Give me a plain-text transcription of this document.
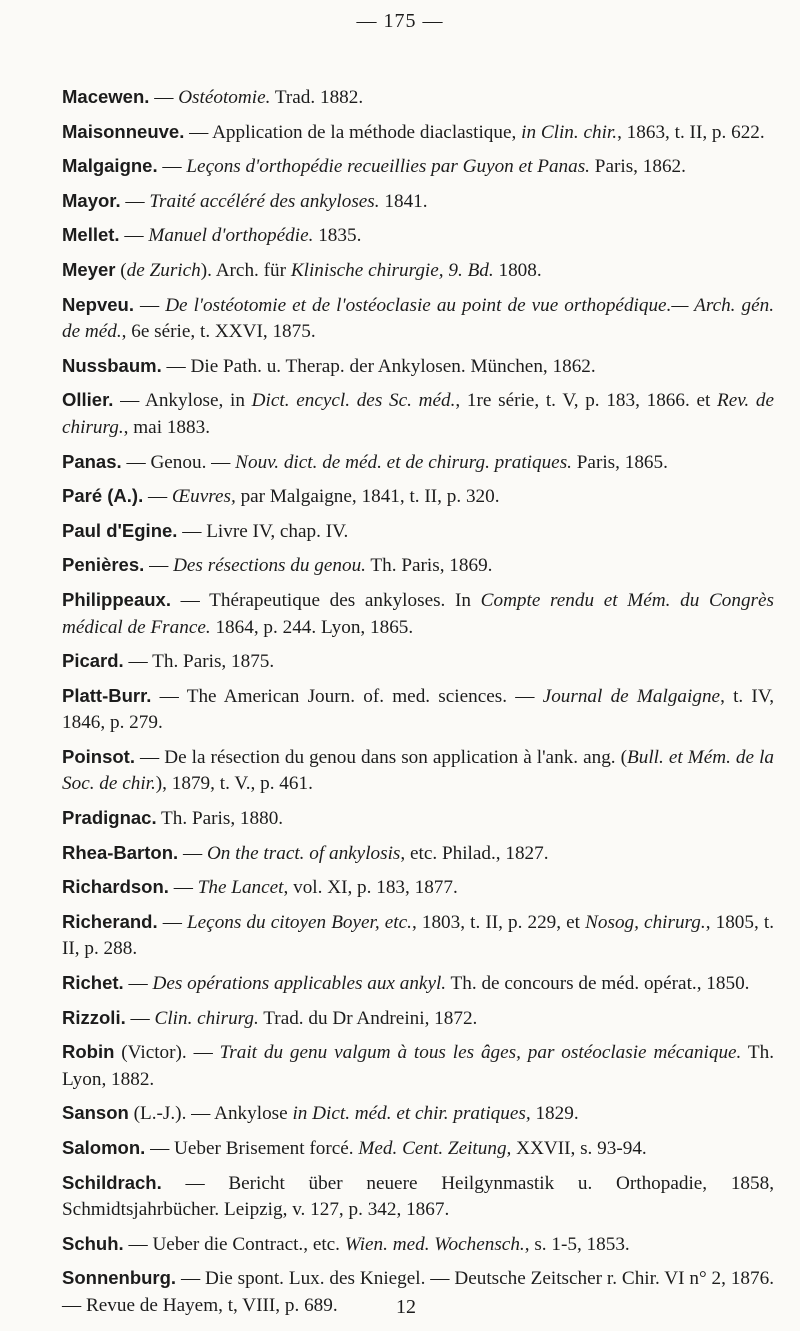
— 175 —

Macewen. — Ostéotomie. Trad. 1882.

Maisonneuve. — Application de la méthode diaclastique, in Clin. chir., 1863, t. II, p. 622.

Malgaigne. — Leçons d'orthopédie recueillies par Guyon et Panas. Paris, 1862.

Mayor. — Traité accéléré des ankyloses. 1841.

Mellet. — Manuel d'orthopédie. 1835.

Meyer (de Zurich). Arch. für Klinische chirurgie, 9. Bd. 1808.

Nepveu. — De l'ostéotomie et de l'ostéoclasie au point de vue orthopédique.— Arch. gén. de méd., 6e série, t. XXVI, 1875.

Nussbaum. — Die Path. u. Therap. der Ankylosen. München, 1862.

Ollier. — Ankylose, in Dict. encycl. des Sc. méd., 1re série, t. V, p. 183, 1866. et Rev. de chirurg., mai 1883.

Panas. — Genou. — Nouv. dict. de méd. et de chirurg. pratiques. Paris, 1865.

Paré (A.). — Œuvres, par Malgaigne, 1841, t. II, p. 320.

Paul d'Egine. — Livre IV, chap. IV.

Penières. — Des résections du genou. Th. Paris, 1869.

Philippeaux. — Thérapeutique des ankyloses. In Compte rendu et Mém. du Congrès médical de France. 1864, p. 244. Lyon, 1865.

Picard. — Th. Paris, 1875.

Platt-Burr. — The American Journ. of. med. sciences. — Journal de Malgaigne, t. IV, 1846, p. 279.

Poinsot. — De la résection du genou dans son application à l'ank. ang. (Bull. et Mém. de la Soc. de chir.), 1879, t. V., p. 461.

Pradignac. Th. Paris, 1880.

Rhea-Barton. — On the tract. of ankylosis, etc. Philad., 1827.

Richardson. — The Lancet, vol. XI, p. 183, 1877.

Richerand. — Leçons du citoyen Boyer, etc., 1803, t. II, p. 229, et Nosog, chirurg., 1805, t. II, p. 288.

Richet. — Des opérations applicables aux ankyl. Th. de concours de méd. opérat., 1850.

Rizzoli. — Clin. chirurg. Trad. du Dr Andreini, 1872.

Robin (Victor). — Trait du genu valgum à tous les âges, par ostéoclasie mécanique. Th. Lyon, 1882.

Sanson (L.-J.). — Ankylose in Dict. méd. et chir. pratiques, 1829.

Salomon. — Ueber Brisement forcé. Med. Cent. Zeitung, XXVII, s. 93-94.

Schildrach. — Bericht über neuere Heilgynmastik u. Orthopadie, 1858, Schmidtsjahrbücher. Leipzig, v. 127, p. 342, 1867.

Schuh. — Ueber die Contract., etc. Wien. med. Wochensch., s. 1-5, 1853.

Sonnenburg. — Die spont. Lux. des Kniegel. — Deutsche Zeitscher r. Chir. VI n° 2, 1876. — Revue de Hayem, t, VIII, p. 689.	12
